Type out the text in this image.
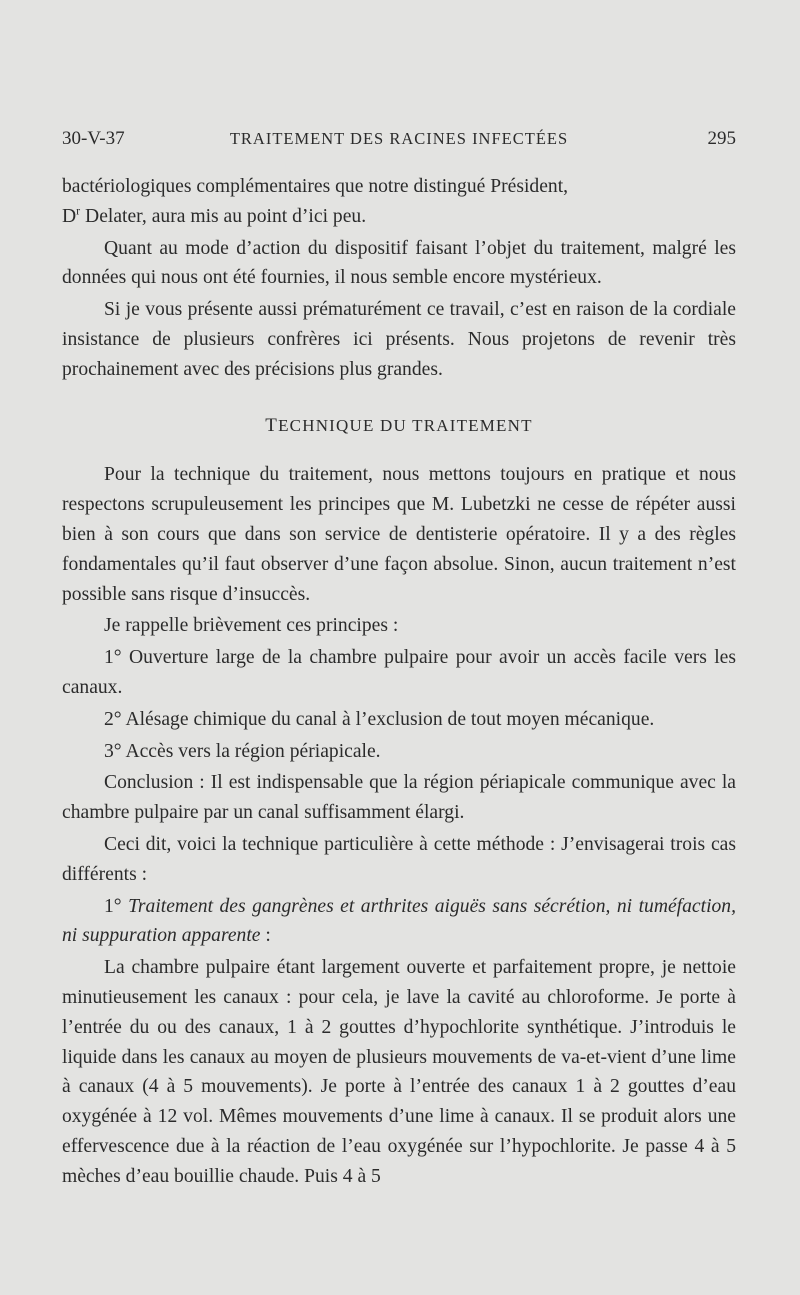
30-V-37	TRAITEMENT DES RACINES INFECTÉES	295

bactériologiques complémentaires que notre distingué Président,

$D^r$ Delater, aura mis au point d’ici peu.

Quant au mode d’action du dispositif faisant l’objet du traitement, malgré les données qui nous ont été fournies, il nous semble encore mystérieux.

Si je vous présente aussi prématurément ce travail, c’est en raison de la cordiale insistance de plusieurs confrères ici présents. Nous projetons de revenir très prochainement avec des précisions plus grandes.

TECHNIQUE DU TRAITEMENT

Pour la technique du traitement, nous mettons toujours en pratique et nous respectons scrupuleusement les principes que M. Lubetzki ne cesse de répéter aussi bien à son cours que dans son service de dentisterie opératoire. Il y a des règles fondamentales qu’il faut observer d’une façon absolue. Sinon, aucun traitement n’est possible sans risque d’insuccès.

Je rappelle brièvement ces principes :

1° Ouverture large de la chambre pulpaire pour avoir un accès facile vers les canaux.

2° Alésage chimique du canal à l’exclusion de tout moyen mécanique.

3° Accès vers la région périapicale.

Conclusion : Il est indispensable que la région périapicale communique avec la chambre pulpaire par un canal suffisamment élargi.

Ceci dit, voici la technique particulière à cette méthode : J’envisagerai trois cas différents :

1° Traitement des gangrènes et arthrites aiguës sans sécrétion, ni tuméfaction, ni suppuration apparente :

La chambre pulpaire étant largement ouverte et parfaitement propre, je nettoie minutieusement les canaux : pour cela, je lave la cavité au chloroforme. Je porte à l’entrée du ou des canaux, 1 à 2 gouttes d’hypochlorite synthétique. J’introduis le liquide dans les canaux au moyen de plusieurs mouvements de va-et-vient d’une lime à canaux (4 à 5 mouvements). Je porte à l’entrée des canaux 1 à 2 gouttes d’eau oxygénée à 12 vol. Mêmes mouvements d’une lime à canaux. Il se produit alors une effervescence due à la réaction de l’eau oxygénée sur l’hypochlorite. Je passe 4 à 5 mèches d’eau bouillie chaude. Puis 4 à 5
